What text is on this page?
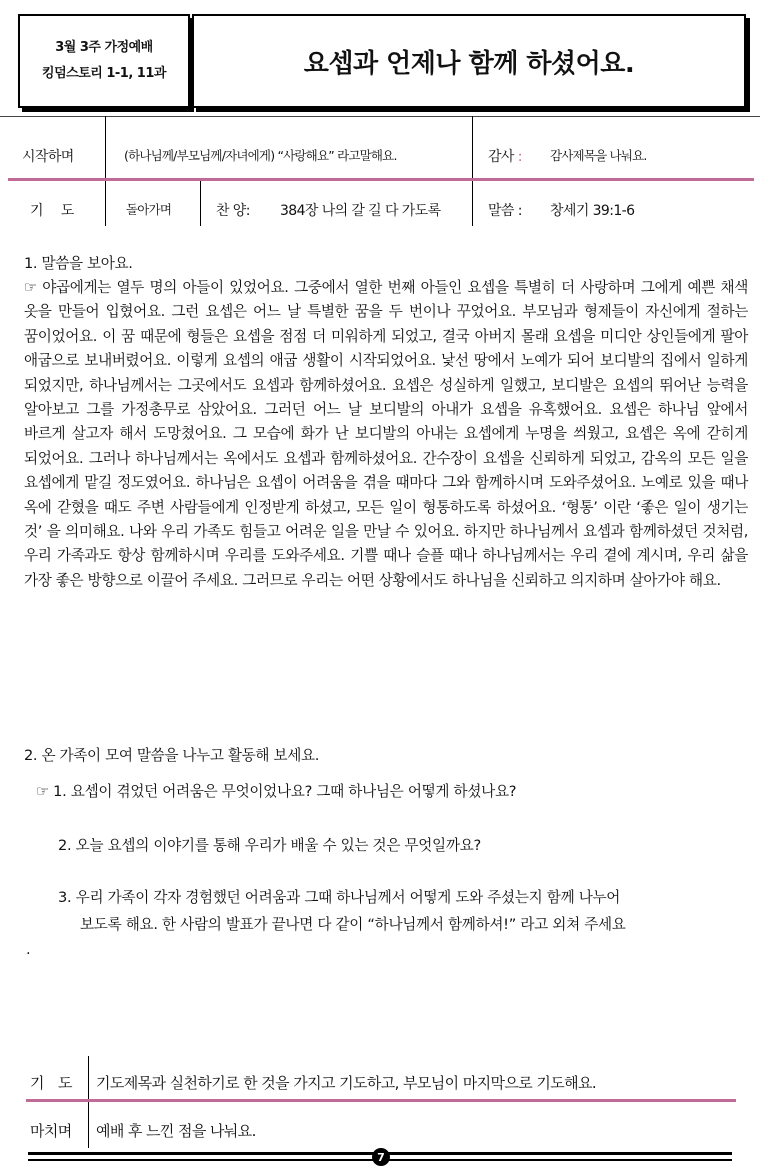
3월 3주 가정예배
킹덤스토리 1-1, 11과	요셉과 언제나 함께 하셨어요.
시작하며	(하나님께/부모님께/자녀에게) “사랑해요” 라고말해요.	감사 : 감사제목을 나눠요.
기 도	돌아가며	찬 양: 384장 나의 갈 길 다 가도록	말씀 : 창세기 39:1-6
1. 말씀을 보아요.
☞ 야곱에게는 열두 명의 아들이 있었어요. 그중에서 열한 번째 아들인 요셉을 특별히 더 사랑하며 그에게 예쁜 채색 옷을 만들어 입혔어요. 그런 요셉은 어느 날 특별한 꿈을 두 번이나 꾸었어요. 부모님과 형제들이 자신에게 절하는 꿈이었어요. 이 꿈 때문에 형들은 요셉을 점점 더 미워하게 되었고, 결국 아버지 몰래 요셉을 미디안 상인들에게 팔아 애굽으로 보내버렸어요. 이렇게 요셉의 애굽 생활이 시작되었어요. 낯선 땅에서 노예가 되어 보디발의 집에서 일하게 되었지만, 하나님께서는 그곳에서도 요셉과 함께하셨어요. 요셉은 성실하게 일했고, 보디발은 요셉의 뛰어난 능력을 알아보고 그를 가정총무로 삼았어요. 그러던 어느 날 보디발의 아내가 요셉을 유혹했어요. 요셉은 하나님 앞에서 바르게 살고자 해서 도망쳤어요. 그 모습에 화가 난 보디발의 아내는 요셉에게 누명을 씌웠고, 요셉은 옥에 갇히게 되었어요. 그러나 하나님께서는 옥에서도 요셉과 함께하셨어요. 간수장이 요셉을 신뢰하게 되었고, 감옥의 모든 일을 요셉에게 맡길 정도였어요. 하나님은 요셉이 어려움을 겪을 때마다 그와 함께하시며 도와주셨어요. 노예로 있을 때나 옥에 갇혔을 때도 주변 사람들에게 인정받게 하셨고, 모든 일이 형통하도록 하셨어요. ‘형통’ 이란 ‘좋은 일이 생기는 것’ 을 의미해요. 나와 우리 가족도 힘들고 어려운 일을 만날 수 있어요. 하지만 하나님께서 요셉과 함께하셨던 것처럼, 우리 가족과도 항상 함께하시며 우리를 도와주세요. 기쁠 때나 슬플 때나 하나님께서는 우리 곁에 계시며, 우리 삶을 가장 좋은 방향으로 이끌어 주세요. 그러므로 우리는 어떤 상황에서도 하나님을 신뢰하고 의지하며 살아가야 해요.
2. 온 가족이 모여 말씀을 나누고 활동해 보세요.
☞ 1. 요셉이 겪었던 어려움은 무엇이었나요? 그때 하나님은 어떻게 하셨나요?
2. 오늘 요셉의 이야기를 통해 우리가 배울 수 있는 것은 무엇일까요?
3. 우리 가족이 각자 경험했던 어려움과 그때 하나님께서 어떻게 도와 주셨는지 함께 나누어
보도록 해요. 한 사람의 발표가 끝나면 다 같이 “하나님께서 함께하셔!” 라고 외쳐 주세요
.
기 도 기도제목과 실천하기로 한 것을 가지고 기도하고, 부모님이 마지막으로 기도해요.
마치며 예배 후 느낀 점을 나눠요.
7
